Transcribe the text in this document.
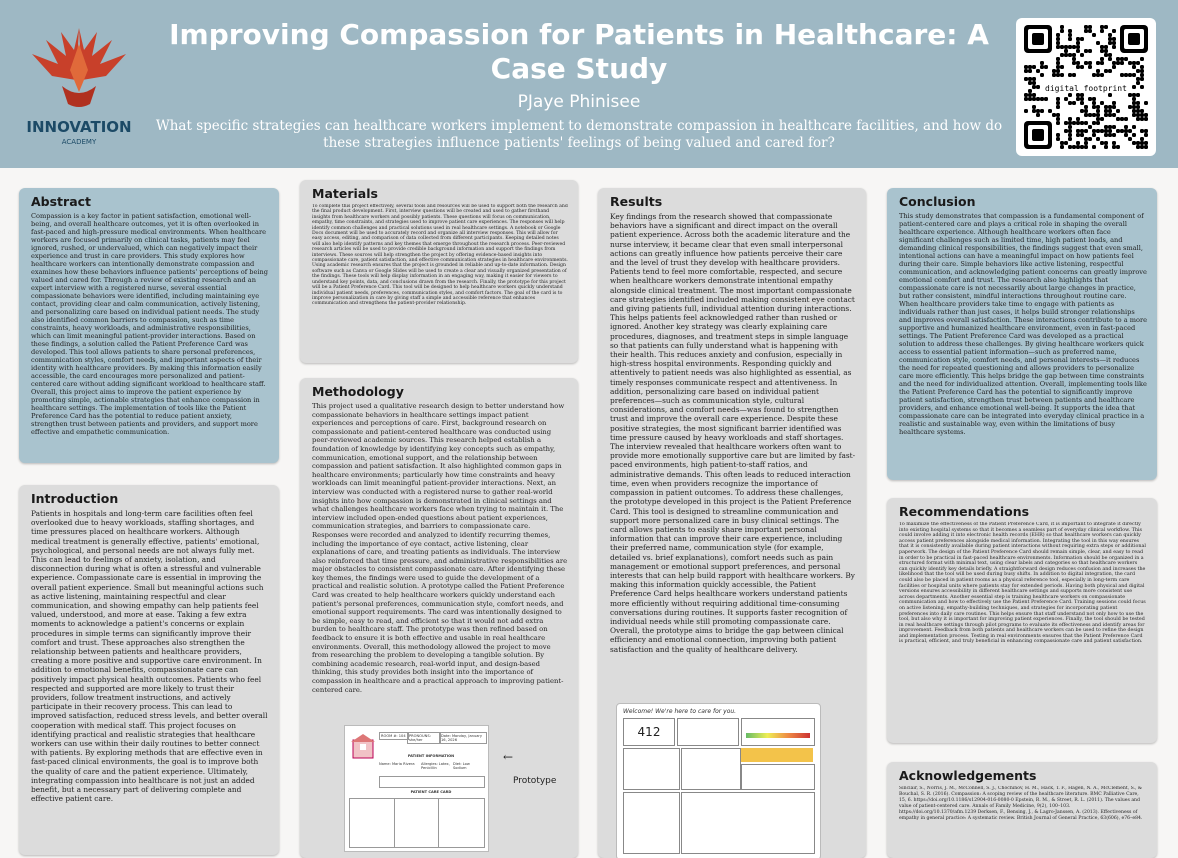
INNOVATION
ACADEMY
Improving Compassion for Patients in Healthcare: A Case Study
PJaye Phinisee
What specific strategies can healthcare workers implement to demonstrate compassion in healthcare facilities, and how do these strategies influence patients' feelings of being valued and cared for?
digital footprint
Abstract

Compassion is a key factor in patient satisfaction, emotional well-being, and overall healthcare outcomes, yet it is often overlooked in fast-paced and high-pressure medical environments. When healthcare workers are focused primarily on clinical tasks, patients may feel ignored, rushed, or undervalued, which can negatively impact their experience and trust in care providers. This study explores how healthcare workers can intentionally demonstrate compassion and examines how these behaviors influence patients' perceptions of being valued and cared for. Through a review of existing research and an expert interview with a registered nurse, several essential compassionate behaviors were identified, including maintaining eye contact, providing clear and calm communication, actively listening, and personalizing care based on individual patient needs. The study also identified common barriers to compassion, such as time constraints, heavy workloads, and administrative responsibilities, which can limit meaningful patient-provider interactions. Based on these findings, a solution called the Patient Preference Card was developed. This tool allows patients to share personal preferences, communication styles, comfort needs, and important aspects of their identity with healthcare providers. By making this information easily accessible, the card encourages more personalized and patient-centered care without adding significant workload to healthcare staff. Overall, this project aims to improve the patient experience by promoting simple, actionable strategies that enhance compassion in healthcare settings. The implementation of tools like the Patient Preference Card has the potential to reduce patient anxiety, strengthen trust between patients and providers, and support more effective and empathetic communication.

Introduction

Patients in hospitals and long-term care facilities often feel overlooked due to heavy workloads, staffing shortages, and time pressures placed on healthcare workers. Although medical treatment is generally effective, patients' emotional, psychological, and personal needs are not always fully met. This can lead to feelings of anxiety, isolation, and disconnection during what is often a stressful and vulnerable experience. Compassionate care is essential in improving the overall patient experience. Small but meaningful actions such as active listening, maintaining respectful and clear communication, and showing empathy can help patients feel valued, understood, and more at ease. Taking a few extra moments to acknowledge a patient's concerns or explain procedures in simple terms can significantly improve their comfort and trust. These approaches also strengthen the relationship between patients and healthcare providers, creating a more positive and supportive care environment. In addition to emotional benefits, compassionate care can positively impact physical health outcomes. Patients who feel respected and supported are more likely to trust their providers, follow treatment instructions, and actively participate in their recovery process. This can lead to improved satisfaction, reduced stress levels, and better overall cooperation with medical staff. This project focuses on identifying practical and realistic strategies that healthcare workers can use within their daily routines to better connect with patients. By exploring methods that are effective even in fast-paced clinical environments, the goal is to improve both the quality of care and the patient experience. Ultimately, integrating compassion into healthcare is not just an added benefit, but a necessary part of delivering complete and effective patient care.

Materials

To complete this project effectively, several tools and resources will be used to support both the research and the final product development. First, interview questions will be created and used to gather firsthand insights from healthcare workers and possibly patients. These questions will focus on communication, empathy, time constraints, and strategies used to improve patient care experiences. The responses will help identify common challenges and practical solutions used in real healthcare settings. A notebook or Google Docs document will be used to accurately record and organize all interview responses. This will allow for easy access, editing, and comparison of data collected from different participants. Keeping detailed notes will also help identify patterns and key themes that emerge throughout the research process. Peer-reviewed research articles will be used to provide credible background information and support the findings from interviews. These sources will help strengthen the project by offering evidence-based insights into compassionate care, patient satisfaction, and effective communication strategies in healthcare environments. Using academic research ensures that the project is grounded in reliable and up-to-date information. Design software such as Canva or Google Slides will be used to create a clear and visually organized presentation of the findings. These tools will help display information in an engaging way, making it easier for viewers to understand key points, data, and conclusions drawn from the research. Finally, the prototype for this project will be a Patient Preference Card. This tool will be designed to help healthcare workers quickly understand individual patient needs, preferences, communication styles, and comfort factors. The goal of the card is to improve personalization in care by giving staff a simple and accessible reference that enhances communication and strengthens the patient-provider relationship.

Methodology

This project used a qualitative research design to better understand how compassionate behaviors in healthcare settings impact patient experiences and perceptions of care. First, background research on compassionate and patient-centered healthcare was conducted using peer-reviewed academic sources. This research helped establish a foundation of knowledge by identifying key concepts such as empathy, communication, emotional support, and the relationship between compassion and patient satisfaction. It also highlighted common gaps in healthcare environments; particularly how time constraints and heavy workloads can limit meaningful patient-provider interactions. Next, an interview was conducted with a registered nurse to gather real-world insights into how compassion is demonstrated in clinical settings and what challenges healthcare workers face when trying to maintain it. The interview included open-ended questions about patient experiences, communication strategies, and barriers to compassionate care. Responses were recorded and analyzed to identify recurring themes, including the importance of eye contact, active listening, clear explanations of care, and treating patients as individuals. The interview also reinforced that time pressure, and administrative responsibilities are major obstacles to consistent compassionate care. After identifying these key themes, the findings were used to guide the development of a practical and realistic solution. A prototype called the Patient Preference Card was created to help healthcare workers quickly understand each patient's personal preferences, communication style, comfort needs, and emotional support requirements. The card was intentionally designed to be simple, easy to read, and efficient so that it would not add extra burden to healthcare staff. The prototype was then refined based on feedback to ensure it is both effective and usable in real healthcare environments. Overall, this methodology allowed the project to move from researching the problem to developing a tangible solution. By combining academic research, real-world input, and design-based thinking, this study provides both insight into the importance of compassion in healthcare and a practical approach to improving patient-centered care.

ROOM #: 104 PRONOUNS: she/her
Date: Monday, January 16, 2026
PATIENT INFORMATION
Name: Maria Rivera	Allergies: Latex, Penicillin
Diet: Low Sodium
PATIENT CARE CARD
←
Prototype
Results

Key findings from the research showed that compassionate behaviors have a significant and direct impact on the overall patient experience. Across both the academic literature and the nurse interview, it became clear that even small interpersonal actions can greatly influence how patients perceive their care and the level of trust they develop with healthcare providers. Patients tend to feel more comfortable, respected, and secure when healthcare workers demonstrate intentional empathy alongside clinical treatment. The most important compassionate care strategies identified included making consistent eye contact and giving patients full, individual attention during interactions. This helps patients feel acknowledged rather than rushed or ignored. Another key strategy was clearly explaining care procedures, diagnoses, and treatment steps in simple language so that patients can fully understand what is happening with their health. This reduces anxiety and confusion, especially in high-stress hospital environments. Responding quickly and attentively to patient needs was also highlighted as essential, as timely responses communicate respect and attentiveness. In addition, personalizing care based on individual patient preferences—such as communication style, cultural considerations, and comfort needs—was found to strengthen trust and improve the overall care experience. Despite these positive strategies, the most significant barrier identified was time pressure caused by heavy workloads and staff shortages. The interview revealed that healthcare workers often want to provide more emotionally supportive care but are limited by fast-paced environments, high patient-to-staff ratios, and administrative demands. This often leads to reduced interaction time, even when providers recognize the importance of compassion in patient outcomes. To address these challenges, the prototype developed in this project is the Patient Preference Card. This tool is designed to streamline communication and support more personalized care in busy clinical settings. The card allows patients to easily share important personal information that can improve their care experience, including their preferred name, communication style (for example, detailed vs. brief explanations), comfort needs such as pain management or emotional support preferences, and personal interests that can help build rapport with healthcare workers. By making this information quickly accessible, the Patient Preference Card helps healthcare workers understand patients more efficiently without requiring additional time-consuming conversations during routines. It supports faster recognition of individual needs while still promoting compassionate care. Overall, the prototype aims to bridge the gap between clinical efficiency and emotional connection, improving both patient satisfaction and the quality of healthcare delivery.

Welcome! We're here to care for you.
412
Conclusion

This study demonstrates that compassion is a fundamental component of patient-centered care and plays a critical role in shaping the overall healthcare experience. Although healthcare workers often face significant challenges such as limited time, high patient loads, and demanding clinical responsibilities, the findings suggest that even small, intentional actions can have a meaningful impact on how patients feel during their care. Simple behaviors like active listening, respectful communication, and acknowledging patient concerns can greatly improve emotional comfort and trust. The research also highlights that compassionate care is not necessarily about large changes in practice, but rather consistent, mindful interactions throughout routine care. When healthcare providers take time to engage with patients as individuals rather than just cases, it helps build stronger relationships and improves overall satisfaction. These interactions contribute to a more supportive and humanized healthcare environment, even in fast-paced settings. The Patient Preference Card was developed as a practical solution to address these challenges. By giving healthcare workers quick access to essential patient information—such as preferred name, communication style, comfort needs, and personal interests—it reduces the need for repeated questioning and allows providers to personalize care more efficiently. This helps bridge the gap between time constraints and the need for individualized attention. Overall, implementing tools like the Patient Preference Card has the potential to significantly improve patient satisfaction, strengthen trust between patients and healthcare providers, and enhance emotional well-being. It supports the idea that compassionate care can be integrated into everyday clinical practice in a realistic and sustainable way, even within the limitations of busy healthcare systems.

Recommendations

To maximize the effectiveness of the Patient Preference Card, it is important to integrate it directly into existing hospital systems so that it becomes a seamless part of everyday clinical workflow. This could involve adding it into electronic health records (EHR) so that healthcare workers can quickly access patient preferences alongside medical information. Integrating the tool in this way ensures that it is consistently available during patient interactions without requiring extra steps or additional paperwork. The design of the Patient Preference Card should remain simple, clear, and easy to read in order to be practical in fast-paced healthcare environments. Information should be organized in a structured format with minimal text, using clear labels and categories so that healthcare workers can quickly identify key details briefly. A straightforward design reduces confusion and increases the likelihood that the tool will be used during busy shifts. In addition to digital integration, the card could also be placed in patient rooms as a physical reference tool, especially in long-term care facilities or hospital units where patients stay for extended periods. Having both physical and digital versions ensures accessibility in different healthcare settings and supports more consistent use across departments. Another essential step is training healthcare workers on compassionate communication and how to effectively use the Patient Preference Card. Training sessions could focus on active listening, empathy-building techniques, and strategies for incorporating patient preferences into daily care routines. This helps ensure that staff understand not only how to use the tool, but also why it is important for improving patient experiences. Finally, the tool should be tested in real healthcare settings through pilot programs to evaluate its effectiveness and identify areas for improvement. Feedback from both patients and healthcare workers can be used to refine the design and implementation process. Testing in real environments ensures that the Patient Preference Card is practical, efficient, and truly beneficial in enhancing compassionate care and patient satisfaction.

Acknowledgements

Sinclair, S., Norris, J. M., McConnell, S. J., Chochinov, H. M., Hack, T. F., Hagen, N. A., McClement, S., & Bouchal, S. R. (2016). Compassion: A scoping review of the healthcare literature. BMC Palliative Care, 15, 6. https://doi.org/10.1186/s12904-016-0080-0 Epstein, R. M., & Street, R. L. (2011). The values and value of patient-centered care. Annals of Family Medicine, 9(2), 100–103. https://doi.org/10.1370/afm.1239 Derksen, F., Bensing, J., & Lagro-Janssen, A. (2013). Effectiveness of empathy in general practice: A systematic review. British Journal of General Practice, 63(606), e76–e84.
